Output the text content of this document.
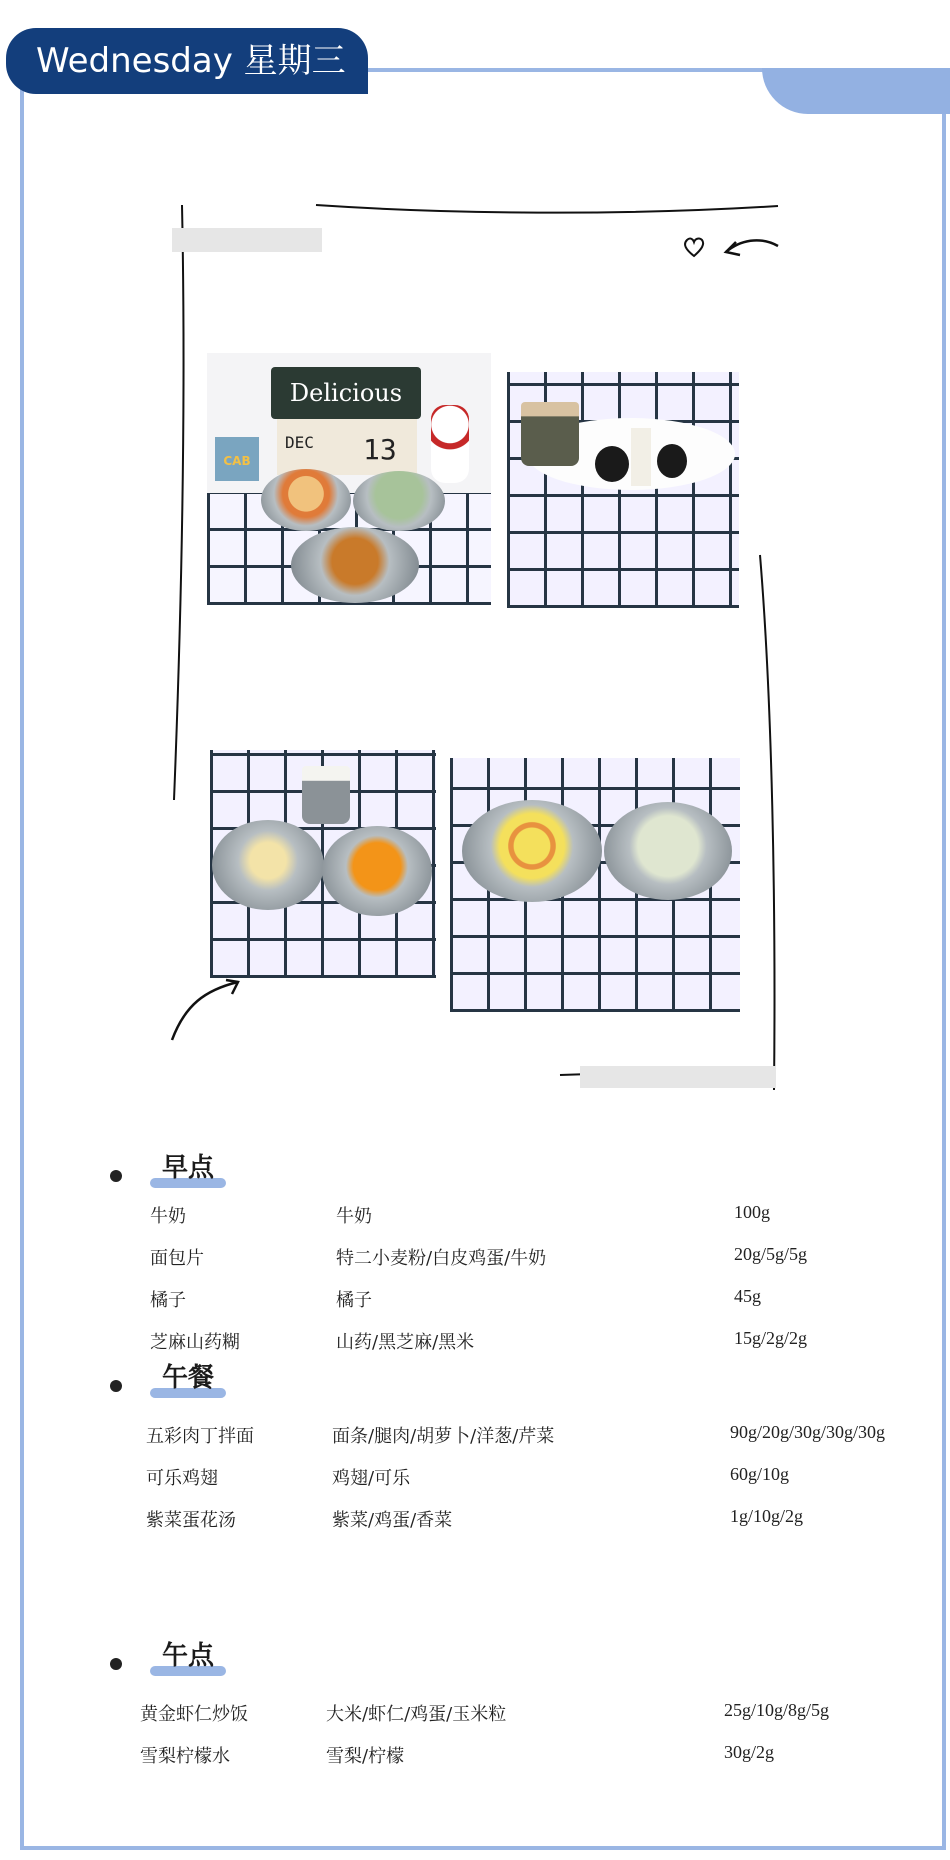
Wednesday 星期三
Delicious
DEC 13
CAB
早点
牛奶	牛奶	100g
面包片	特二小麦粉/白皮鸡蛋/牛奶	20g/5g/5g
橘子	橘子	45g
芝麻山药糊	山药/黑芝麻/黑米	15g/2g/2g
午餐
五彩肉丁拌面	面条/腿肉/胡萝卜/洋葱/芹菜	90g/20g/30g/30g/30g
可乐鸡翅	鸡翅/可乐	60g/10g
紫菜蛋花汤	紫菜/鸡蛋/香菜	1g/10g/2g
午点
黄金虾仁炒饭	大米/虾仁/鸡蛋/玉米粒	25g/10g/8g/5g
雪梨柠檬水	雪梨/柠檬	30g/2g
